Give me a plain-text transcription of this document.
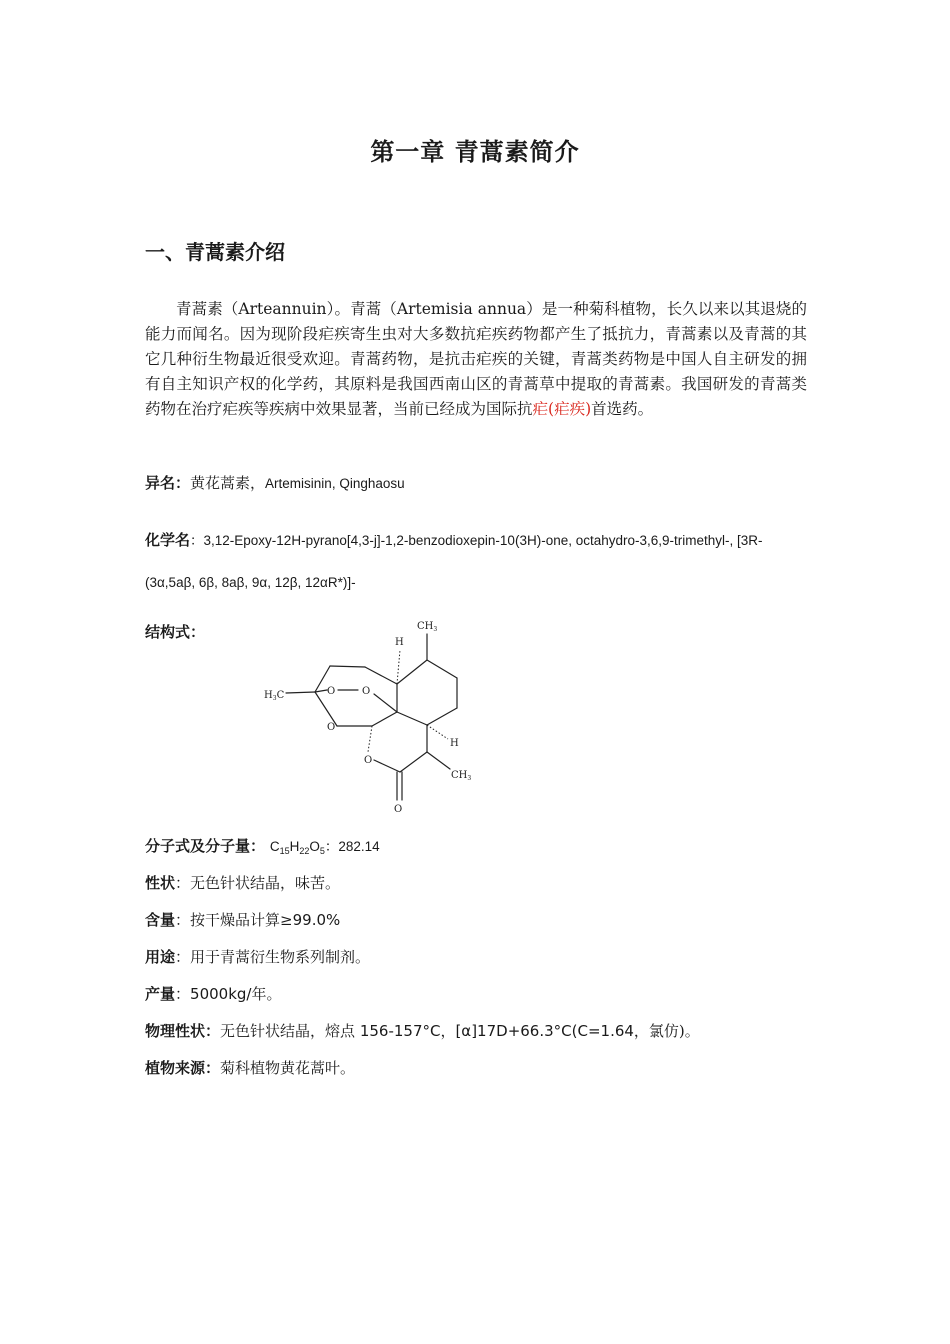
第一章 青蒿素简介
一、青蒿素介绍
青蒿素（Arteannuin）。青蒿（Artemisia annua）是一种菊科植物，长久以来以其退烧的能力而闻名。因为现阶段疟疾寄生虫对大多数抗疟疾药物都产生了抵抗力，青蒿素以及青蒿的其它几种衍生物最近很受欢迎。青蒿药物，是抗击疟疾的关键，青蒿类药物是中国人自主研发的拥有自主知识产权的化学药，其原料是我国西南山区的青蒿草中提取的青蒿素。我国研发的青蒿类药物在治疗疟疾等疾病中效果显著，当前已经成为国际抗疟(疟疾)首选药。
异名：黄花蒿素，Artemisinin, Qinghaosu
化学名：3,12-Epoxy-12H-pyrano[4,3-j]-1,2-benzodioxepin-10(3H)-one, octahydro-3,6,9-trimethyl-, [3R-
(3α,5aβ, 6β, 8aβ, 9α, 12β, 12αR*)]-
结构式：	$CH_3$
H
$H_3C$	O	O
O
O
O
H
$CH_3$
分子式及分子量： $C_{15}H_{22}O_5$：282.14
性状：无色针状结晶，味苦。
含量：按干燥品计算≥99.0%
用途：用于青蒿衍生物系列制剂。
产量：5000kg/年。
物理性状：无色针状结晶，熔点 156-157°C，[α]17D+66.3°C(C=1.64，氯仿)。
植物来源：菊科植物黄花蒿叶。
